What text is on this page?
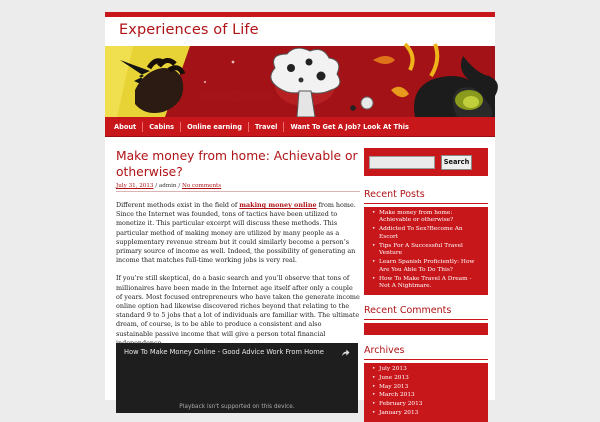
Experiences of Life
About	Cabins	Online earning	Travel	Want To Get A Job? Look At This
Make money from home: Achievable or otherwise?
July 31, 2013 / admin / No comments

Different methods exist in the field of making money online from home. Since the Internet was founded, tons of tactics have been utilized to monetize it. This particular excerpt will discuss these methods. This particular method of making money are utilized by many people as a supplementary revenue stream but it could similarly become a person’s primary source of income as well. Indeed, the possibility of generating an income that matches full-time working jobs is very real.

If you’re still skeptical, do a basic search and you’ll observe that tons of millionaires have been made in the Internet age itself after only a couple of years. Most focused entrepreneurs who have taken the generate income online option had likewise discovered riches beyond that relating to the standard 9 to 5 jobs that a lot of individuals are familiar with. The ultimate dream, of course, is to be able to produce a consistent and also sustainable passive income that will give a person total financial

How To Make Money Online - Good Advice Work From Home
Playback isn't supported on this device.
Search
Recent Posts
• Make money from home: Achievable or otherwise?
• Addicted To Sex?Become An Escort
• Tips For A Successful Travel Venture
• Learn Spanish Proficiently: How Are You Able To Do This?
• How To Make Travel A Dream - Not A Nightmare.
Recent Comments
Archives
• July 2013
• June 2013
• May 2013
• March 2013
• February 2013
• January 2013
